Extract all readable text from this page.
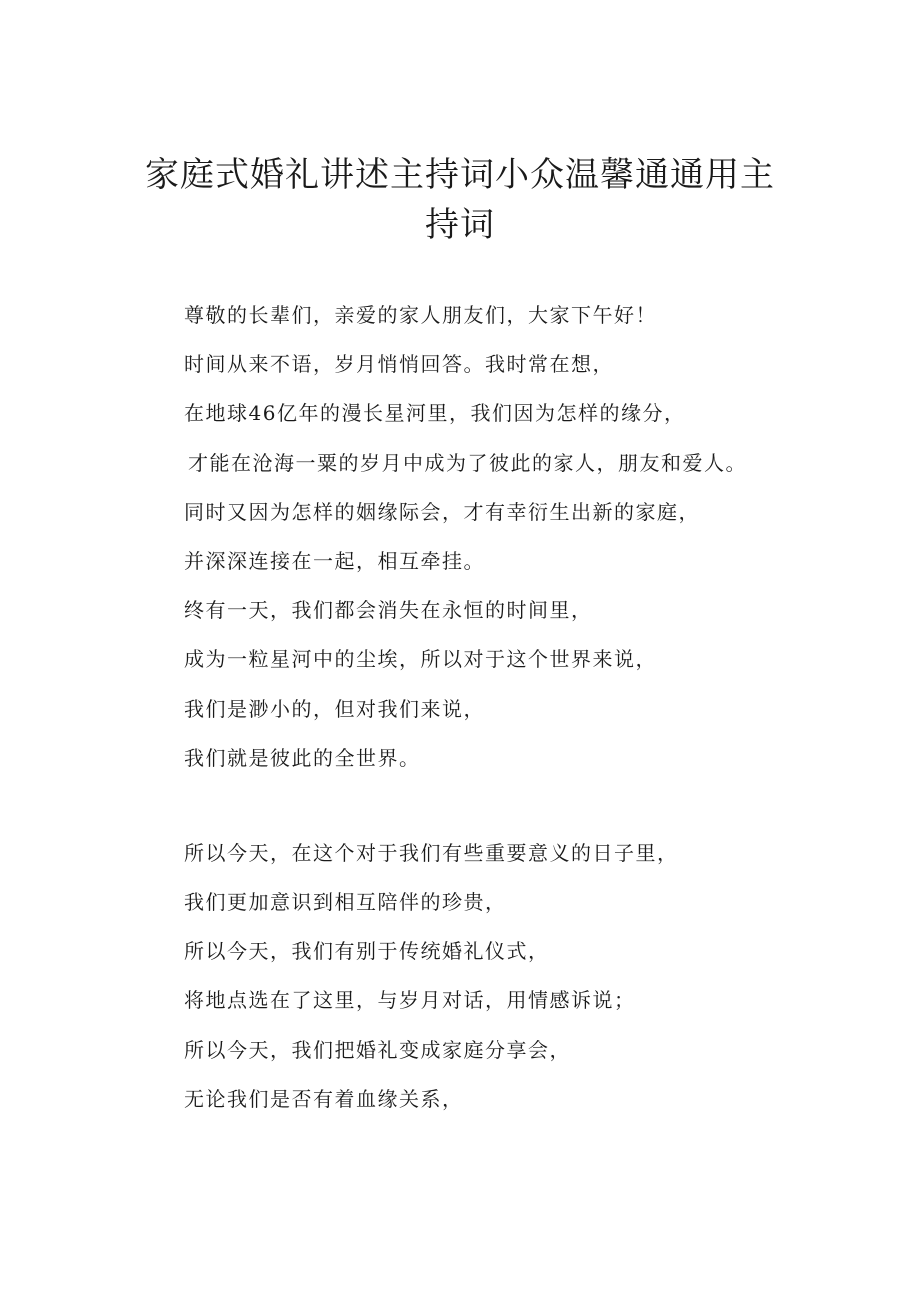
家庭式婚礼讲述主持词小众温馨通通用主
持词
尊敬的长辈们，亲爱的家人朋友们，大家下午好！
时间从来不语，岁月悄悄回答。我时常在想，
在地球46亿年的漫长星河里，我们因为怎样的缘分，
才能在沧海一粟的岁月中成为了彼此的家人，朋友和爱人。
同时又因为怎样的姻缘际会，才有幸衍生出新的家庭，
并深深连接在一起，相互牵挂。
终有一天，我们都会消失在永恒的时间里，
成为一粒星河中的尘埃，所以对于这个世界来说，
我们是渺小的，但对我们来说，
我们就是彼此的全世界。
所以今天，在这个对于我们有些重要意义的日子里，
我们更加意识到相互陪伴的珍贵，
所以今天，我们有别于传统婚礼仪式，
将地点选在了这里，与岁月对话，用情感诉说；
所以今天，我们把婚礼变成家庭分享会，
无论我们是否有着血缘关系，
